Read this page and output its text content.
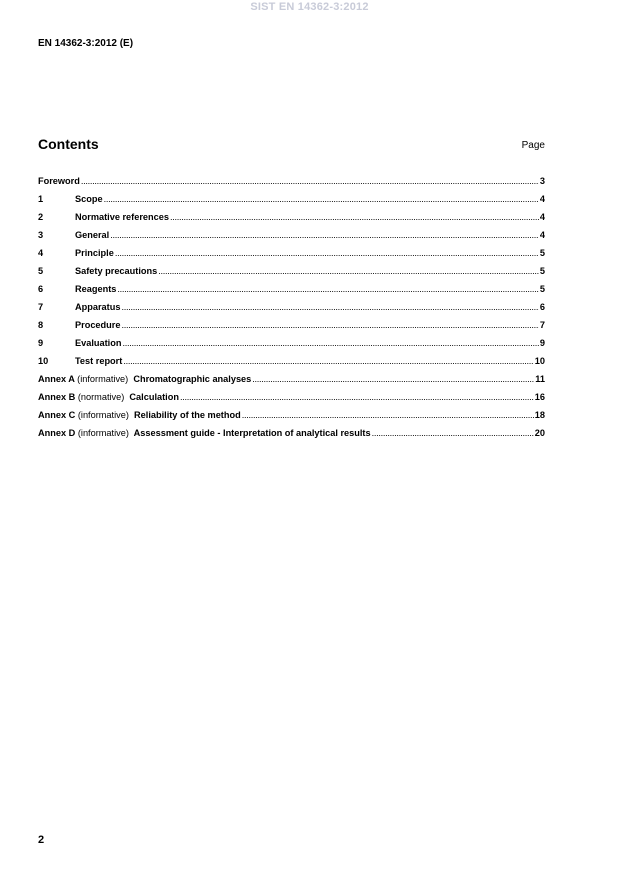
SIST EN 14362-3:2012
EN 14362-3:2012 (E)
Contents	Page
Foreword .....	3
1	Scope .....	4
2	Normative references .....	4
3	General .....	4
4	Principle .....	5
5	Safety precautions .....	5
6	Reagents .....	5
7	Apparatus .....	6
8	Procedure .....	7
9	Evaluation .....	9
10	Test report .....	10
Annex A (informative) Chromatographic analyses .....	11
Annex B (normative) Calculation .....	16
Annex C (informative) Reliability of the method .....	18
Annex D (informative) Assessment guide - Interpretation of analytical results .....	20
2
